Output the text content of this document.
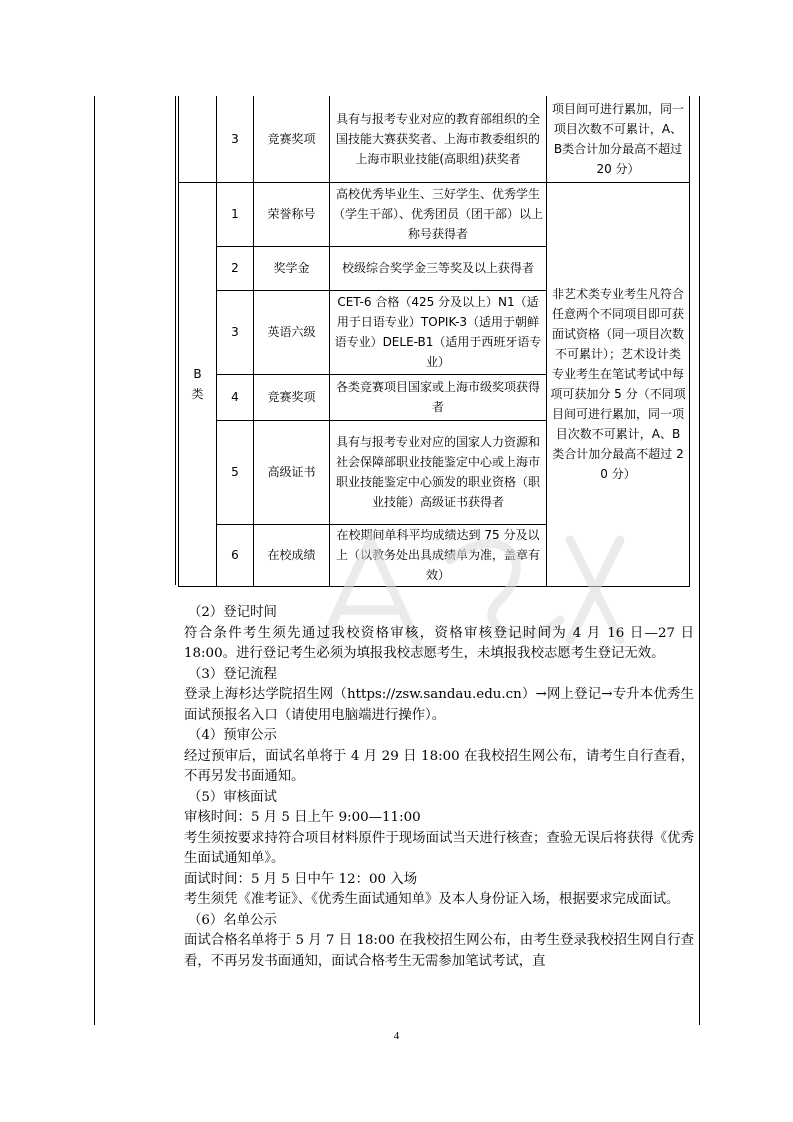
	3	竞赛奖项	具有与报考专业对应的教育部组织的全国技能大赛获奖者、上海市教委组织的上海市职业技能(高职组)获奖者	项目间可进行累加，同一项目次数不可累计，A、B类合计加分最高不超过 20 分）

B
类	1	荣誉称号	高校优秀毕业生、三好学生、优秀学生（学生干部）、优秀团员（团干部）以上称号获得者	非艺术类专业考生凡符合任意两个不同项目即可获面试资格（同一项目次数不可累计）；艺术设计类专业考生在笔试考试中每项可获加分 5 分（不同项目间可进行累加，同一项目次数不可累计，A、B 类合计加分最高不超过 20 分）
	2	奖学金	校级综合奖学金三等奖及以上获得者	
	3	英语六级	CET-6 合格（425 分及以上）N1（适用于日语专业）TOPIK-3（适用于朝鲜语专业）DELE-B1（适用于西班牙语专业）	
	4	竞赛奖项	各类竞赛项目国家或上海市级奖项获得者	
	5	高级证书	具有与报考专业对应的国家人力资源和社会保障部职业技能鉴定中心或上海市职业技能鉴定中心颁发的职业资格（职业技能）高级证书获得者	
	6	在校成绩	在校期间单科平均成绩达到 75 分及以上（以教务处出具成绩单为准，盖章有效）	

（2）登记时间

符合条件考生须先通过我校资格审核，资格审核登记时间为 4 月 16 日—27 日 18:00。进行登记考生必须为填报我校志愿考生，未填报我校志愿考生登记无效。

（3）登记流程

登录上海杉达学院招生网（https://zsw.sandau.edu.cn）→网上登记→专升本优秀生面试预报名入口（请使用电脑端进行操作）。

（4）预审公示

经过预审后，面试名单将于 4 月 29 日 18:00 在我校招生网公布，请考生自行查看，不再另发书面通知。

（5）审核面试

审核时间：5 月 5 日上午 9:00—11:00

考生须按要求持符合项目材料原件于现场面试当天进行核查；查验无误后将获得《优秀生面试通知单》。

面试时间：5 月 5 日中午 12：00 入场

考生须凭《准考证》、《优秀生面试通知单》及本人身份证入场，根据要求完成面试。

（6）名单公示

面试合格名单将于 5 月 7 日 18:00 在我校招生网公布，由考生登录我校招生网自行查看，不再另发书面通知，面试合格考生无需参加笔试考试，直

4
